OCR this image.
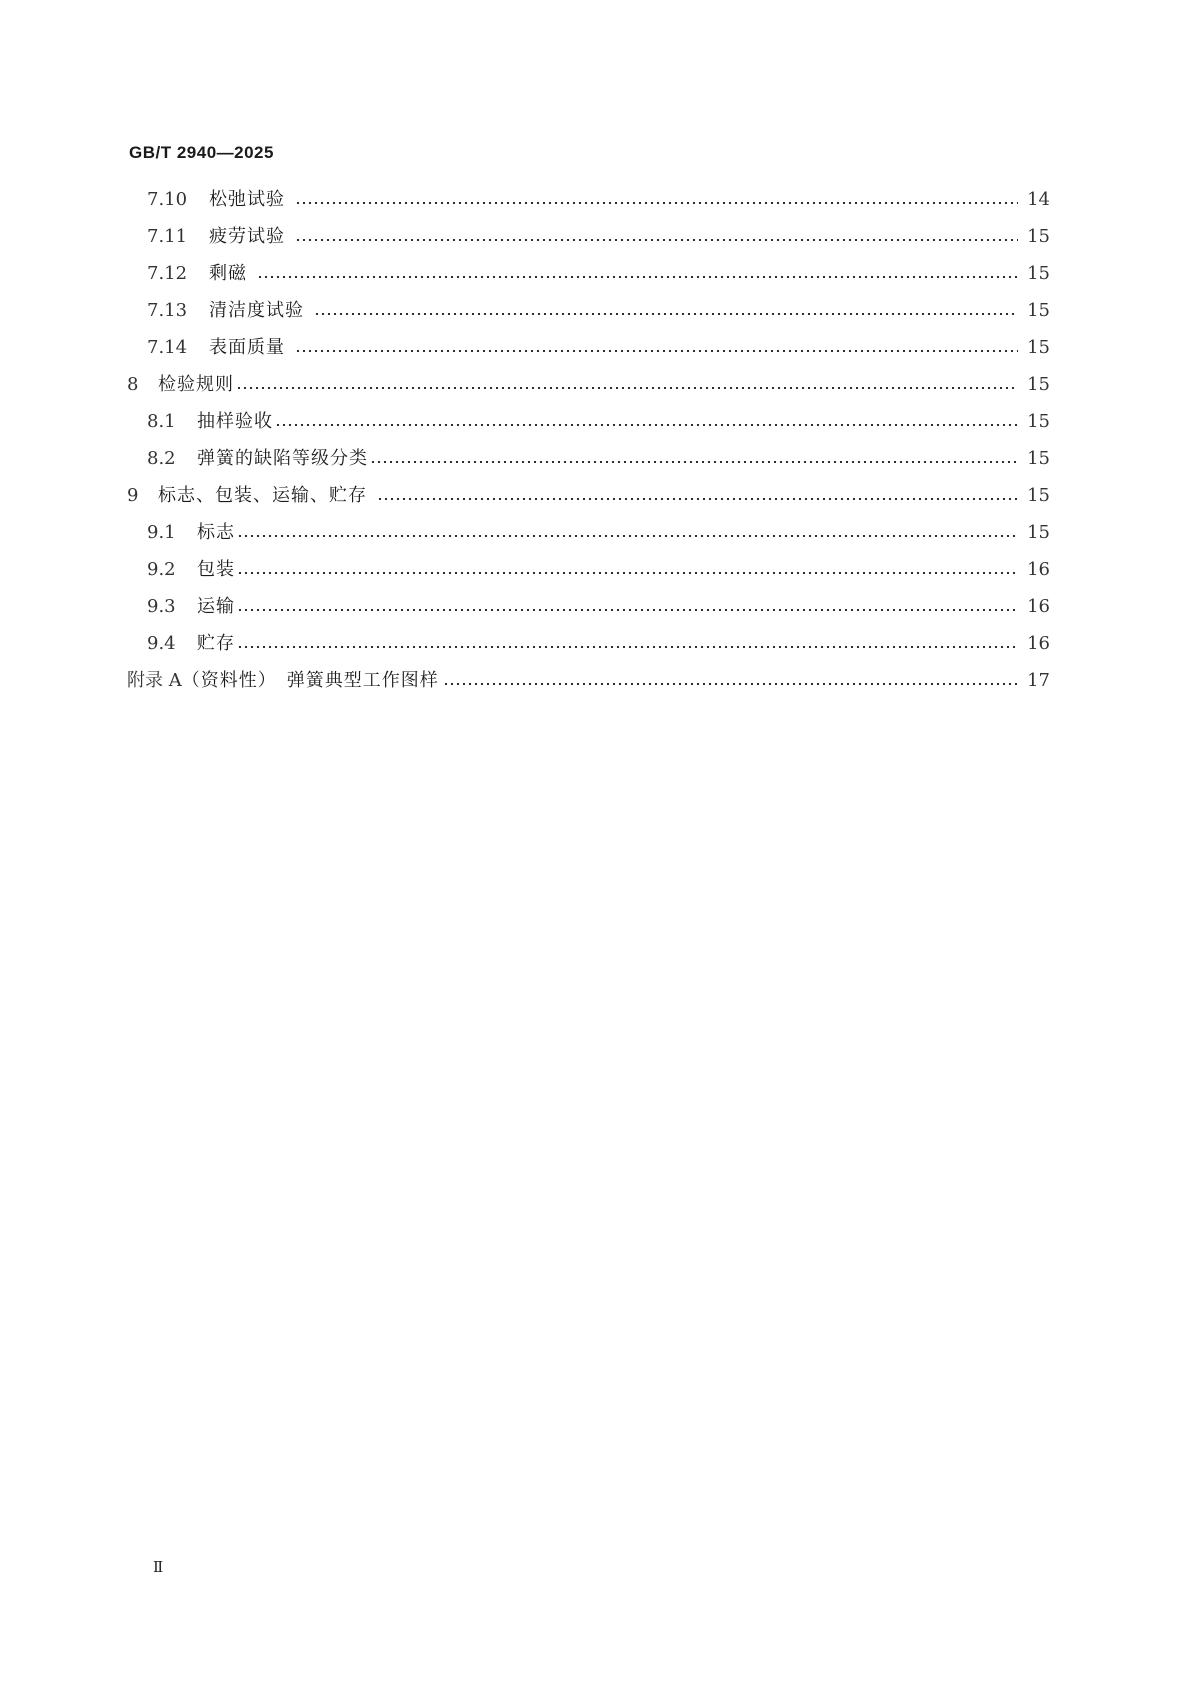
GB/T 2940—2025
7.10	松弛试验	14
7.11	疲劳试验	15
7.12	剩磁	15
7.13	清洁度试验	15
7.14	表面质量	15
8	检验规则	15
8.1	抽样验收	15
8.2	弹簧的缺陷等级分类	15
9	标志、包装、运输、贮存	15
9.1	标志	15
9.2	包装	16
9.3	运输	16
9.4	贮存	16
附录 A （资料性）　弹簧典型工作图样	17
Ⅱ
